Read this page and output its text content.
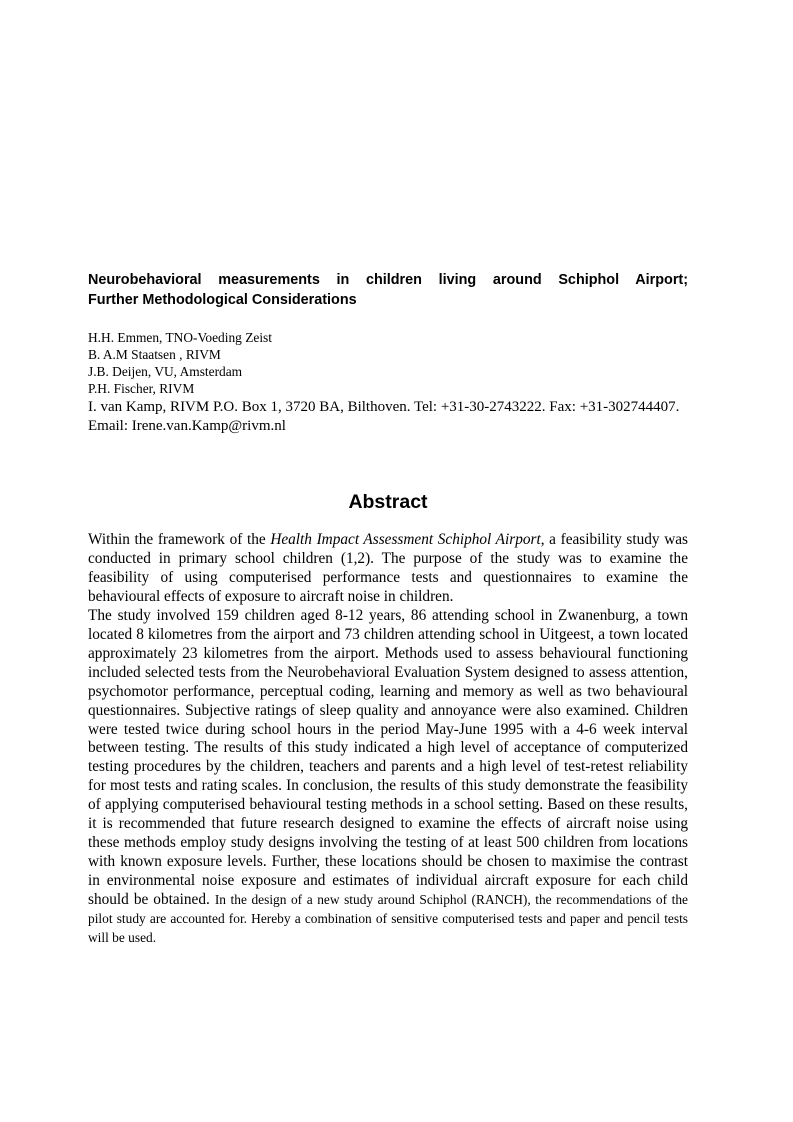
Neurobehavioral measurements in children living around Schiphol Airport;
Further Methodological Considerations
H.H. Emmen, TNO-Voeding Zeist
B. A.M Staatsen , RIVM
J.B. Deijen, VU, Amsterdam
P.H. Fischer, RIVM
I. van Kamp, RIVM P.O. Box 1, 3720 BA, Bilthoven. Tel: +31-30-2743222. Fax: +31-302744407. Email: Irene.van.Kamp@rivm.nl
Abstract

Within the framework of the Health Impact Assessment Schiphol Airport, a feasibility study was conducted in primary school children (1,2). The purpose of the study was to examine the feasibility of using computerised performance tests and questionnaires to examine the behavioural effects of exposure to aircraft noise in children.

The study involved 159 children aged 8-12 years, 86 attending school in Zwanenburg, a town located 8 kilometres from the airport and 73 children attending school in Uitgeest, a town located approximately 23 kilometres from the airport. Methods used to assess behavioural functioning included selected tests from the Neurobehavioral Evaluation System designed to assess attention, psychomotor performance, perceptual coding, learning and memory as well as two behavioural questionnaires. Subjective ratings of sleep quality and annoyance were also examined. Children were tested twice during school hours in the period May-June 1995 with a 4-6 week interval between testing. The results of this study indicated a high level of acceptance of computerized testing procedures by the children, teachers and parents and a high level of test-retest reliability for most tests and rating scales. In conclusion, the results of this study demonstrate the feasibility of applying computerised behavioural testing methods in a school setting. Based on these results, it is recommended that future research designed to examine the effects of aircraft noise using these methods employ study designs involving the testing of at least 500 children from locations with known exposure levels. Further, these locations should be chosen to maximise the contrast in environmental noise exposure and estimates of individual aircraft exposure for each child should be obtained. In the design of a new study around Schiphol (RANCH), the recommendations of the pilot study are accounted for. Hereby a combination of sensitive computerised tests and paper and pencil tests will be used.
